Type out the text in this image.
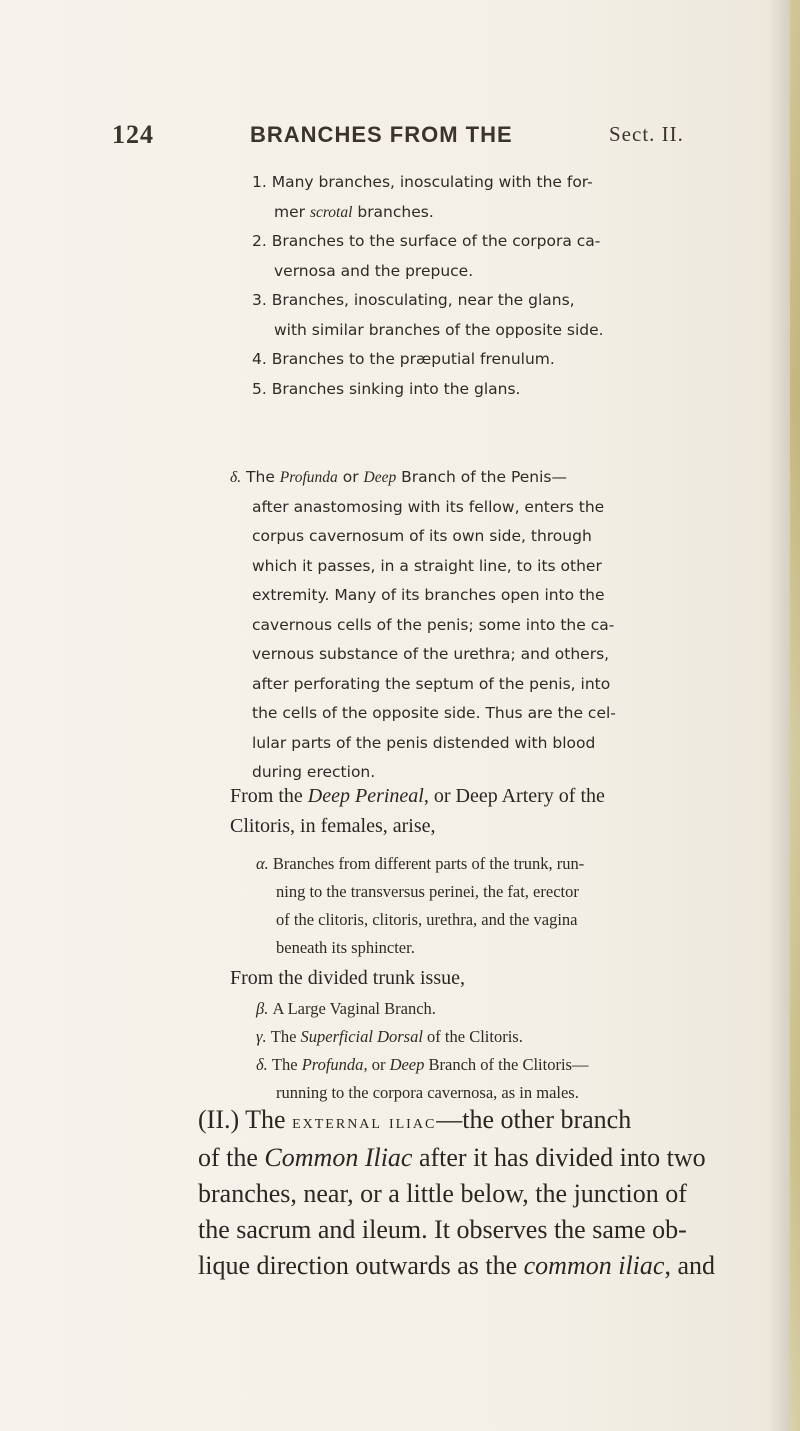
124	BRANCHES FROM THE	Sect. II.
1. Many branches, inosculating with the for-
mer scrotal branches.
2. Branches to the surface of the corpora ca-
vernosa and the prepuce.
3. Branches, inosculating, near the glans,
with similar branches of the opposite side.
4. Branches to the præputial frenulum.
5. Branches sinking into the glans.
δ. The Profunda or Deep Branch of the Penis—
after anastomosing with its fellow, enters the
corpus cavernosum of its own side, through
which it passes, in a straight line, to its other
extremity. Many of its branches open into the
cavernous cells of the penis; some into the ca-
vernous substance of the urethra; and others,
after perforating the septum of the penis, into
the cells of the opposite side. Thus are the cel-
lular parts of the penis distended with blood
during erection.
From the Deep Perineal, or Deep Artery of the
Clitoris, in females, arise,
α. Branches from different parts of the trunk, run-
ning to the transversus perinei, the fat, erector
of the clitoris, clitoris, urethra, and the vagina
beneath its sphincter.
From the divided trunk issue,
β. A Large Vaginal Branch.
γ. The Superficial Dorsal of the Clitoris.
δ. The Profunda, or Deep Branch of the Clitoris—
running to the corpora cavernosa, as in males.
(II.) The external iliac—the other branch
of the Common Iliac after it has divided into two
branches, near, or a little below, the junction of
the sacrum and ileum. It observes the same ob-
lique direction outwards as the common iliac, and
